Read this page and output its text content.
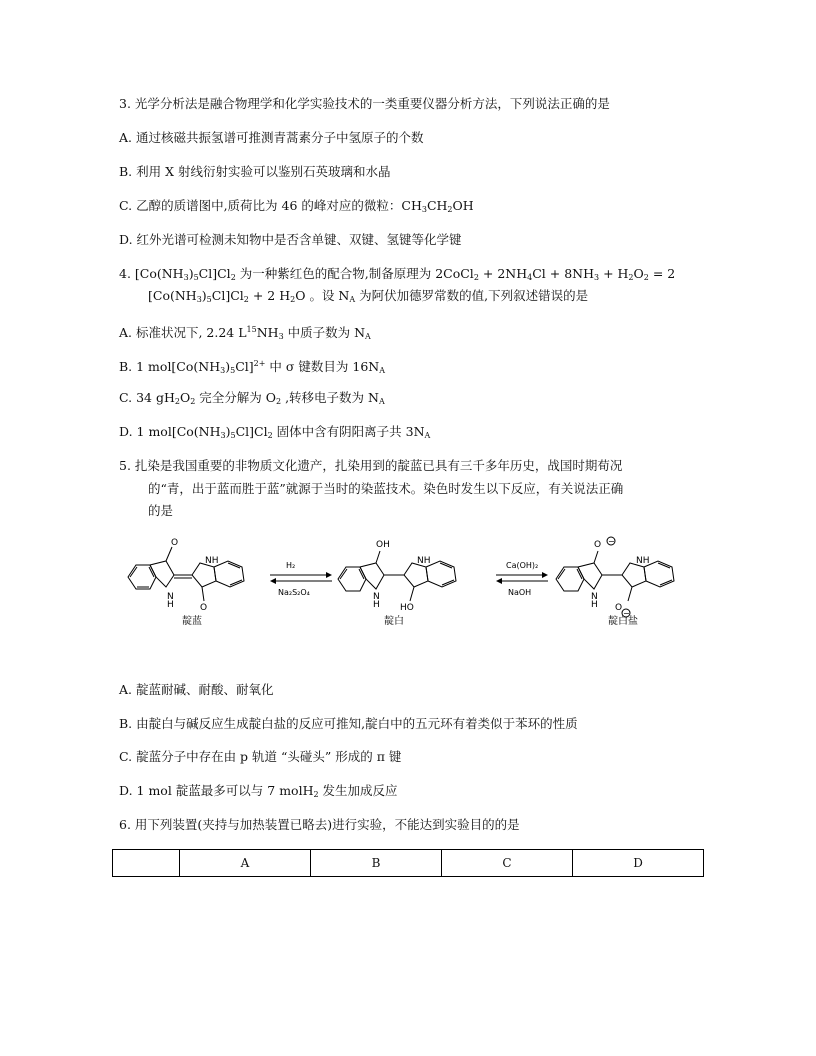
3. 光学分析法是融合物理学和化学实验技术的一类重要仪器分析方法，下列说法正确的是
A. 通过核磁共振氢谱可推测青蒿素分子中氢原子的个数
B. 利用 X 射线衍射实验可以鉴别石英玻璃和水晶
C. 乙醇的质谱图中,质荷比为 46 的峰对应的微粒：$CH_3CH_2OH$
D. 红外光谱可检测未知物中是否含单键、双键、氢键等化学键
4. $[Co(NH_3)_5Cl]Cl_2$ 为一种紫红色的配合物,制备原理为 2CoCl$_2$ + $2NH_4Cl + 8NH_3 + H_2O_2 = 2$
$[Co(NH_3)_5Cl]Cl_2 + 2$ $H_2O$ 。设 $N_A$ 为阿伏加德罗常数的值,下列叙述错误的是
A. 标准状况下, 2.24 $L^{15}NH_3$ 中质子数为 $N_A$
B. 1 $mol[Co(NH_3)_5Cl]^{2+}$ 中 σ 键数目为 $16N_A$
C. 34 $gH_2O_2$ 完全分解为 $O_2$ ,转移电子数为 $N_A$
D. 1 $mol[Co(NH_3)_5Cl]Cl_2$ 固体中含有阴阳离子共 $3N_A$
5. 扎染是我国重要的非物质文化遗产，扎染用到的靛蓝已具有三千多年历史，战国时期荀况
的“青，出于蓝而胜于蓝”就源于当时的染蓝技术。染色时发生以下反应，有关说法正确
的是
O
NH
N
H	O
靛蓝
H₂
Na₂S₂O₄
OH
NH
N
H HO
靛白
Ca(OH)₂
NaOH
O −
NH
N
H O
−
靛白盐
A. 靛蓝耐碱、耐酸、耐氧化
B. 由靛白与碱反应生成靛白盐的反应可推知,靛白中的五元环有着类似于苯环的性质
C. 靛蓝分子中存在由 p 轨道 “头碰头” 形成的 π 键
D. 1 mol 靛蓝最多可以与 7 molH$_2$ 发生加成反应
6. 用下列装置(夹持与加热装置已略去)进行实验，不能达到实验目的的是
	A	B	C	D
